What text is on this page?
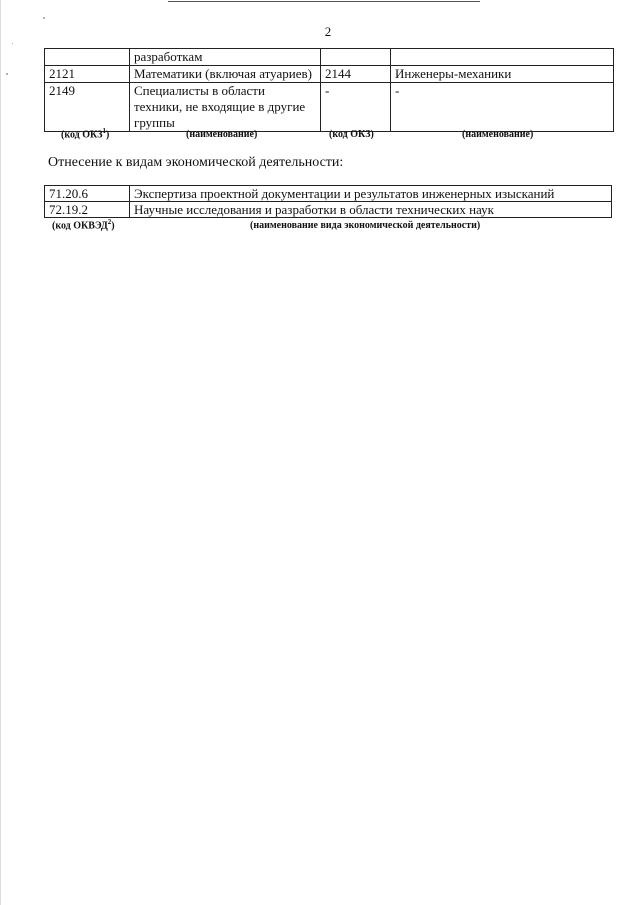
2
	разработкам		
2121	Математики (включая атуариев)	2144	Инженеры-механики
2149	Специалисты в области техники, не входящие в другие группы	-	-
(код ОКЗ$^1$)	(наименование)	(код ОКЗ)	(наименование)
Отнесение к видам экономической деятельности:
71.20.6	Экспертиза проектной документации и результатов инженерных изысканий
72.19.2	Научные исследования и разработки в области технических наук
(код ОКВЭД$^2$)	(наименование вида экономической деятельности)
